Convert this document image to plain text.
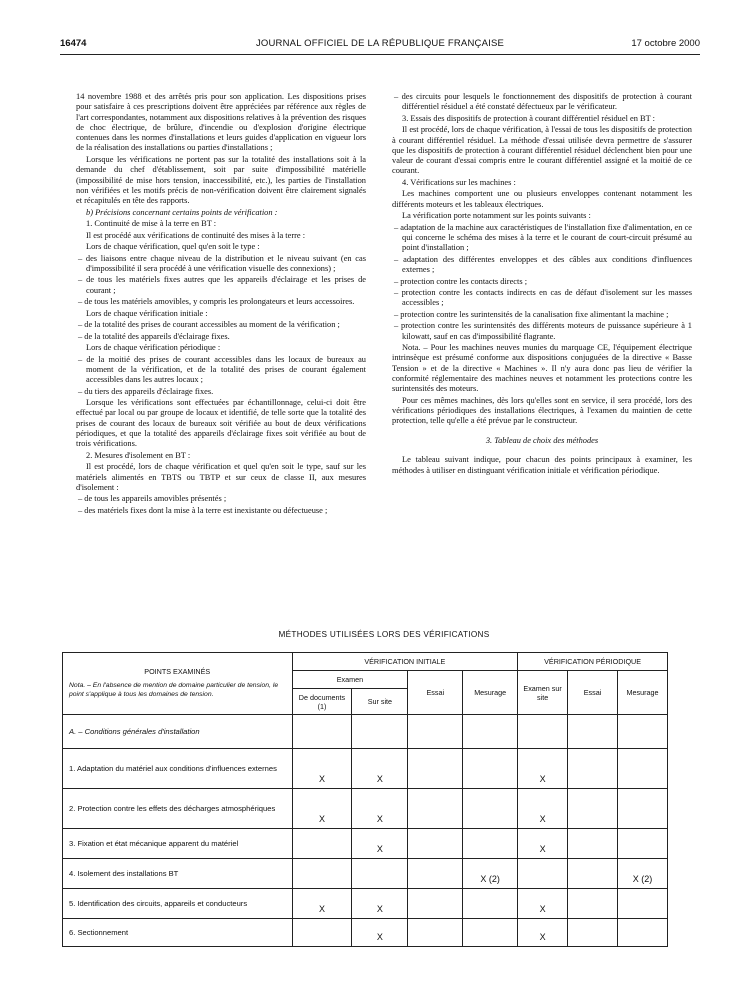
16474	JOURNAL OFFICIEL DE LA RÉPUBLIQUE FRANÇAISE	17 octobre 2000

14 novembre 1988 et des arrêtés pris pour son application. Les dispositions prises pour satisfaire à ces prescriptions doivent être appréciées par référence aux règles de l'art correspondantes, notamment aux dispositions relatives à la prévention des risques de choc électrique, de brûlure, d'incendie ou d'explosion d'origine électrique contenues dans les normes d'installations et leurs guides d'application en vigueur lors de la réalisation des installations ou parties d'installations ;

Lorsque les vérifications ne portent pas sur la totalité des installations soit à la demande du chef d'établissement, soit par suite d'impossibilité matérielle (impossibilité de mise hors tension, inaccessibilité, etc.), les parties de l'installation non vérifiées et les motifs précis de non-vérification doivent être clairement signalés et récapitulés en tête des rapports.

b) Précisions concernant certains points de vérification :

1. Continuité de mise à la terre en BT :

Il est procédé aux vérifications de continuité des mises à la terre :

Lors de chaque vérification, quel qu'en soit le type :

– des liaisons entre chaque niveau de la distribution et le niveau suivant (en cas d'impossibilité il sera procédé à une vérification visuelle des connexions) ;

– de tous les matériels fixes autres que les appareils d'éclairage et les prises de courant ;

– de tous les matériels amovibles, y compris les prolongateurs et leurs accessoires.

Lors de chaque vérification initiale :

– de la totalité des prises de courant accessibles au moment de la vérification ;

– de la totalité des appareils d'éclairage fixes.

Lors de chaque vérification périodique :

– de la moitié des prises de courant accessibles dans les locaux de bureaux au moment de la vérification, et de la totalité des prises de courant également accessibles dans les autres locaux ;

– du tiers des appareils d'éclairage fixes.

Lorsque les vérifications sont effectuées par échantillonnage, celui-ci doit être effectué par local ou par groupe de locaux et identifié, de telle sorte que la totalité des prises de courant des locaux de bureaux soit vérifiée au bout de deux vérifications périodiques, et que la totalité des appareils d'éclairage fixes soit vérifiée au bout de trois vérifications.

2. Mesures d'isolement en BT :

Il est procédé, lors de chaque vérification et quel qu'en soit le type, sauf sur les matériels alimentés en TBTS ou TBTP et sur ceux de classe II, aux mesures d'isolement :

– de tous les appareils amovibles présentés ;

– des matériels fixes dont la mise à la terre est inexistante ou défectueuse ;

– des circuits pour lesquels le fonctionnement des dispositifs de protection à courant différentiel résiduel a été constaté défectueux par le vérificateur.

3. Essais des dispositifs de protection à courant différentiel résiduel en BT :

Il est procédé, lors de chaque vérification, à l'essai de tous les dispositifs de protection à courant différentiel résiduel. La méthode d'essai utilisée devra permettre de s'assurer que les dispositifs de protection à courant différentiel résiduel déclenchent bien pour une valeur de courant d'essai compris entre le courant différentiel assigné et la moitié de ce courant.

4. Vérifications sur les machines :

Les machines comportent une ou plusieurs enveloppes contenant notamment les différents moteurs et les tableaux électriques.

La vérification porte notamment sur les points suivants :

– adaptation de la machine aux caractéristiques de l'installation fixe d'alimentation, en ce qui concerne le schéma des mises à la terre et le courant de court-circuit présumé au point d'installation ;

– adaptation des différentes enveloppes et des câbles aux conditions d'influences externes ;

– protection contre les contacts directs ;

– protection contre les contacts indirects en cas de défaut d'isolement sur les masses accessibles ;

– protection contre les surintensités de la canalisation fixe alimentant la machine ;

– protection contre les surintensités des différents moteurs de puissance supérieure à 1 kilowatt, sauf en cas d'impossibilité flagrante.

Nota. – Pour les machines neuves munies du marquage CE, l'équipement électrique intrinsèque est présumé conforme aux dispositions conjuguées de la directive « Basse Tension » et de la directive « Machines ». Il n'y aura donc pas lieu de vérifier la conformité réglementaire des machines neuves et notamment les protections contre les surintensités des moteurs.

Pour ces mêmes machines, dès lors qu'elles sont en service, il sera procédé, lors des vérifications périodiques des installations électriques, à l'examen du maintien de cette protection, telle qu'elle a été prévue par le constructeur.

3. Tableau de choix des méthodes

Le tableau suivant indique, pour chacun des points principaux à examiner, les méthodes à utiliser en distinguant vérification initiale et vérification périodique.

MÉTHODES UTILISÉES LORS DES VÉRIFICATIONS
POINTS EXAMINÉS
Nota. – En l'absence de mention de domaine particulier de tension, le point s'applique à tous les domaines de tension.	VÉRIFICATION INITIALE				VÉRIFICATION PÉRIODIQUE		
	Examen		Essai	Mesurage	Examen sur site	Essai	Mesurage
	De documents (1)	Sur site					
A. – Conditions générales d'installation							
1. Adaptation du matériel aux conditions d'influences externes	X	X			X		
2. Protection contre les effets des décharges atmosphériques	X	X			X		
3. Fixation et état mécanique apparent du matériel		X			X		
4. Isolement des installations BT				X (2)			X (2)
5. Identification des circuits, appareils et conducteurs	X	X			X		
6. Sectionnement		X			X		
